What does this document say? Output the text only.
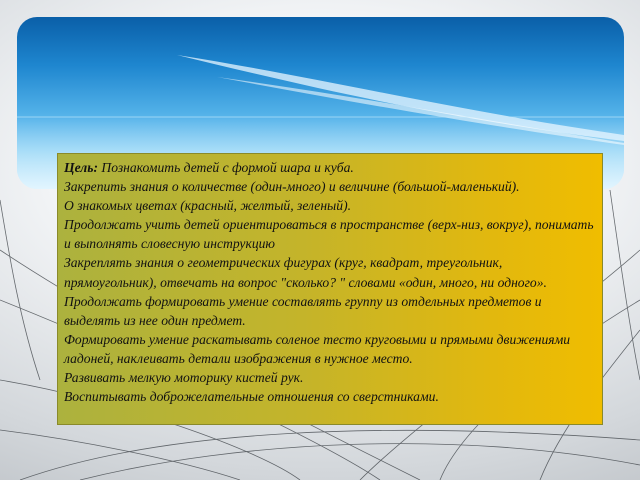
Цель: Познакомить детей с формой шара и куба.

Закрепить знания о количестве (один-много) и величине (большой-маленький).

О знакомых цветах (красный, желтый, зеленый).

Продолжать учить детей ориентироваться в пространстве (верх-низ, вокруг), понимать и выполнять словесную инструкцию

Закреплять знания о геометрических фигурах (круг, квадрат, треугольник, прямоугольник), отвечать на вопрос "сколько? " словами «один, много, ни одного».

Продолжать формировать умение составлять группу из отдельных предметов и выделять из нее один предмет.

Формировать умение раскатывать соленое тесто круговыми и прямыми движениями ладоней, наклеивать детали изображения в нужное место.

Развивать мелкую моторику кистей рук.

Воспитывать доброжелательные отношения со сверстниками.
